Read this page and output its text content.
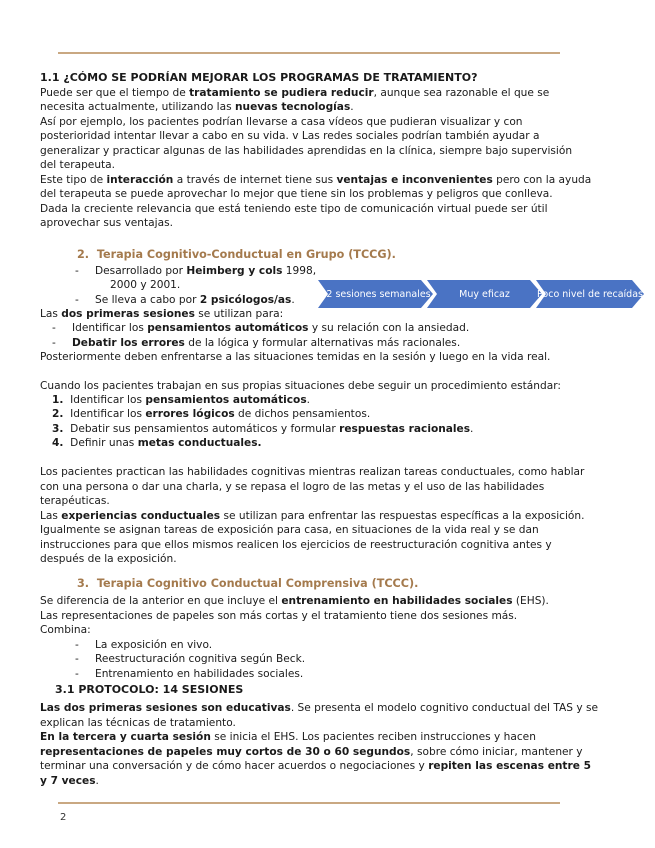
1.1 ¿CÓMO SE PODRÍAN MEJORAR LOS PROGRAMAS DE TRATAMIENTO?
Puede ser que el tiempo de tratamiento se pudiera reducir, aunque sea razonable el que se
necesita actualmente, utilizando las nuevas tecnologías.
Así por ejemplo, los pacientes podrían llevarse a casa vídeos que pudieran visualizar y con
posterioridad intentar llevar a cabo en su vida. v Las redes sociales podrían también ayudar a
generalizar y practicar algunas de las habilidades aprendidas en la clínica, siempre bajo supervisión
del terapeuta.
Este tipo de interacción a través de internet tiene sus ventajas e inconvenientes pero con la ayuda
del terapeuta se puede aprovechar lo mejor que tiene sin los problemas y peligros que conlleva.
Dada la creciente relevancia que está teniendo este tipo de comunicación virtual puede ser útil
aprovechar sus ventajas.
2. Terapia Cognitivo-Conductual en Grupo (TCCG).
- Desarrollado por Heimberg y cols 1998,
2000 y 2001.
- Se lleva a cabo por 2 psicólogos/as.	12 sesiones semanales	Muy eficaz	Poco nivel de recaídas
Las dos primeras sesiones se utilizan para:
- Identificar los pensamientos automáticos y su relación con la ansiedad.
- Debatir los errores de la lógica y formular alternativas más racionales.
Posteriormente deben enfrentarse a las situaciones temidas en la sesión y luego en la vida real.
Cuando los pacientes trabajan en sus propias situaciones debe seguir un procedimiento estándar:
1. Identificar los pensamientos automáticos.
2.  Identificar los errores lógicos de dichos pensamientos.
3. Debatir sus pensamientos automáticos y formular respuestas racionales.
4. Definir unas metas conductuales.
Los pacientes practican las habilidades cognitivas mientras realizan tareas conductuales, como hablar
con una persona o dar una charla, y se repasa el logro de las metas y el uso de las habilidades
terapéuticas.
Las experiencias conductuales se utilizan para enfrentar las respuestas específicas a la exposición.
Igualmente se asignan tareas de exposición para casa, en situaciones de la vida real y se dan
instrucciones para que ellos mismos realicen los ejercicios de reestructuración cognitiva antes y
después de la exposición.
3. Terapia Cognitivo Conductual Comprensiva (TCCC).
Se diferencia de la anterior en que incluye el entrenamiento en habilidades sociales (EHS).
Las representaciones de papeles son más cortas y el tratamiento tiene dos sesiones más.
Combina:
- La exposición en vivo.
- Reestructuración cognitiva según Beck.
- Entrenamiento en habilidades sociales.
3.1 PROTOCOLO: 14 SESIONES
Las dos primeras sesiones son educativas. Se presenta el modelo cognitivo conductual del TAS y se
explican las técnicas de tratamiento.
En la tercera y cuarta sesión se inicia el EHS. Los pacientes reciben instrucciones y hacen
representaciones de papeles muy cortos de 30 o 60 segundos, sobre cómo iniciar, mantener y
terminar una conversación y de cómo hacer acuerdos o negociaciones y repiten las escenas entre 5
y 7 veces.
2
